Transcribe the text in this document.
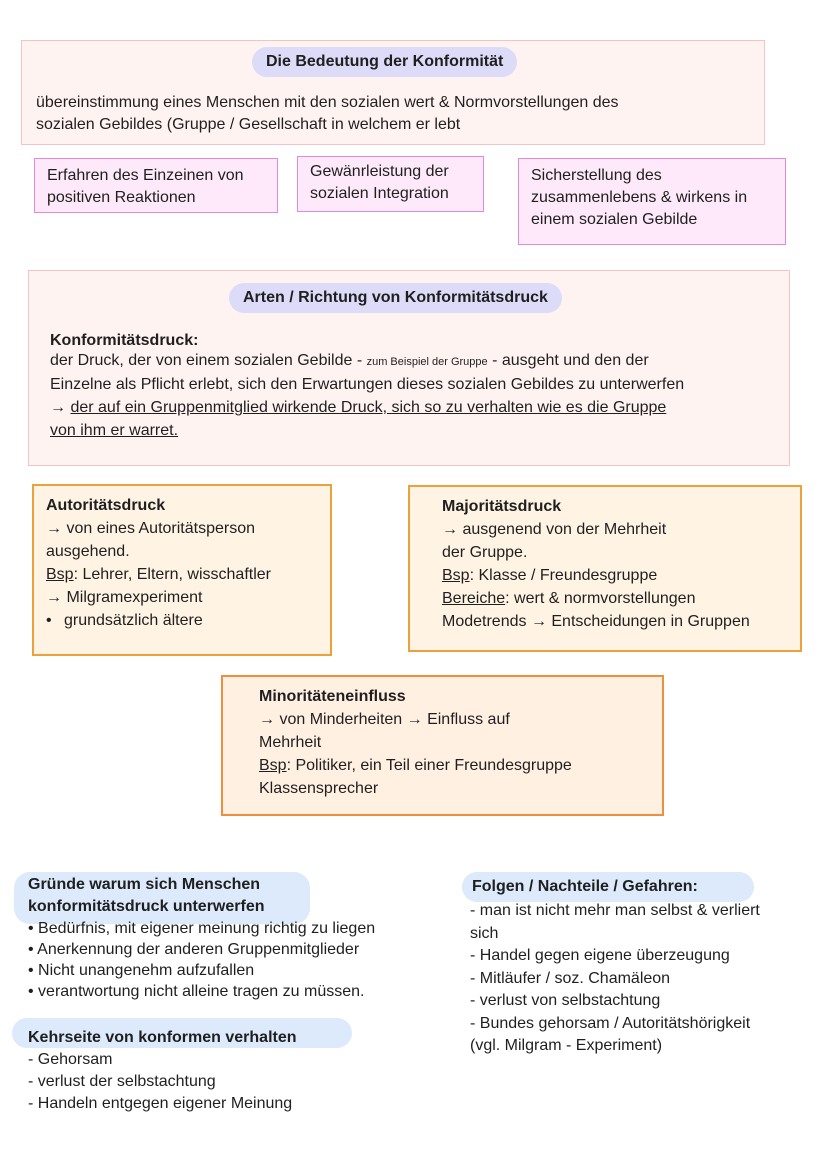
Die Bedeutung der Konformität
übereinstimmung eines Menschen mit den sozialen wert & Normvorstellungen des
sozialen Gebildes (Gruppe / Gesellschaft in welchem er lebt
Erfahren des Einzeinen von
positiven Reaktionen
Gewänrleistung der
sozialen Integration
Sicherstellung des
zusammenlebens & wirkens in
einem sozialen Gebilde
Arten / Richtung von Konformitätsdruck
Konformitätsdruck:
der Druck, der von einem sozialen Gebilde - zum Beispiel der Gruppe - ausgeht und den der
Einzelne als Pflicht erlebt, sich den Erwartungen dieses sozialen Gebildes zu unterwerfen
→ der auf ein Gruppenmitglied wirkende Druck, sich so zu verhalten wie es die Gruppe
von ihm er warret.
Autoritätsdruck
→ von eines Autoritätsperson
ausgehend.
Bsp: Lehrer, Eltern, wisschaftler
→ Milgramexperiment
• grundsätzlich ältere
Majoritätsdruck
→ ausgenend von der Mehrheit
der Gruppe.
Bsp: Klasse / Freundesgruppe
Bereiche: wert & normvorstellungen
Modetrends → Entscheidungen in Gruppen
Minoritäteneinfluss
→ von Minderheiten → Einfluss auf
Mehrheit
Bsp: Politiker, ein Teil einer Freundesgruppe
Klassensprecher
Gründe warum sich Menschen
konformitätsdruck unterwerfen
• Bedürfnis, mit eigener meinung richtig zu liegen
• Anerkennung der anderen Gruppenmitglieder
• Nicht unangenehm aufzufallen
• verantwortung nicht alleine tragen zu müssen.
Kehrseite von konformen verhalten
- Gehorsam
- verlust der selbstachtung
- Handeln entgegen eigener Meinung
Folgen / Nachteile / Gefahren:
- man ist nicht mehr man selbst & verliert
sich
- Handel gegen eigene überzeugung
- Mitläufer / soz. Chamäleon
- verlust von selbstachtung
- Bundes gehorsam / Autoritätshörigkeit
(vgl. Milgram - Experiment)
